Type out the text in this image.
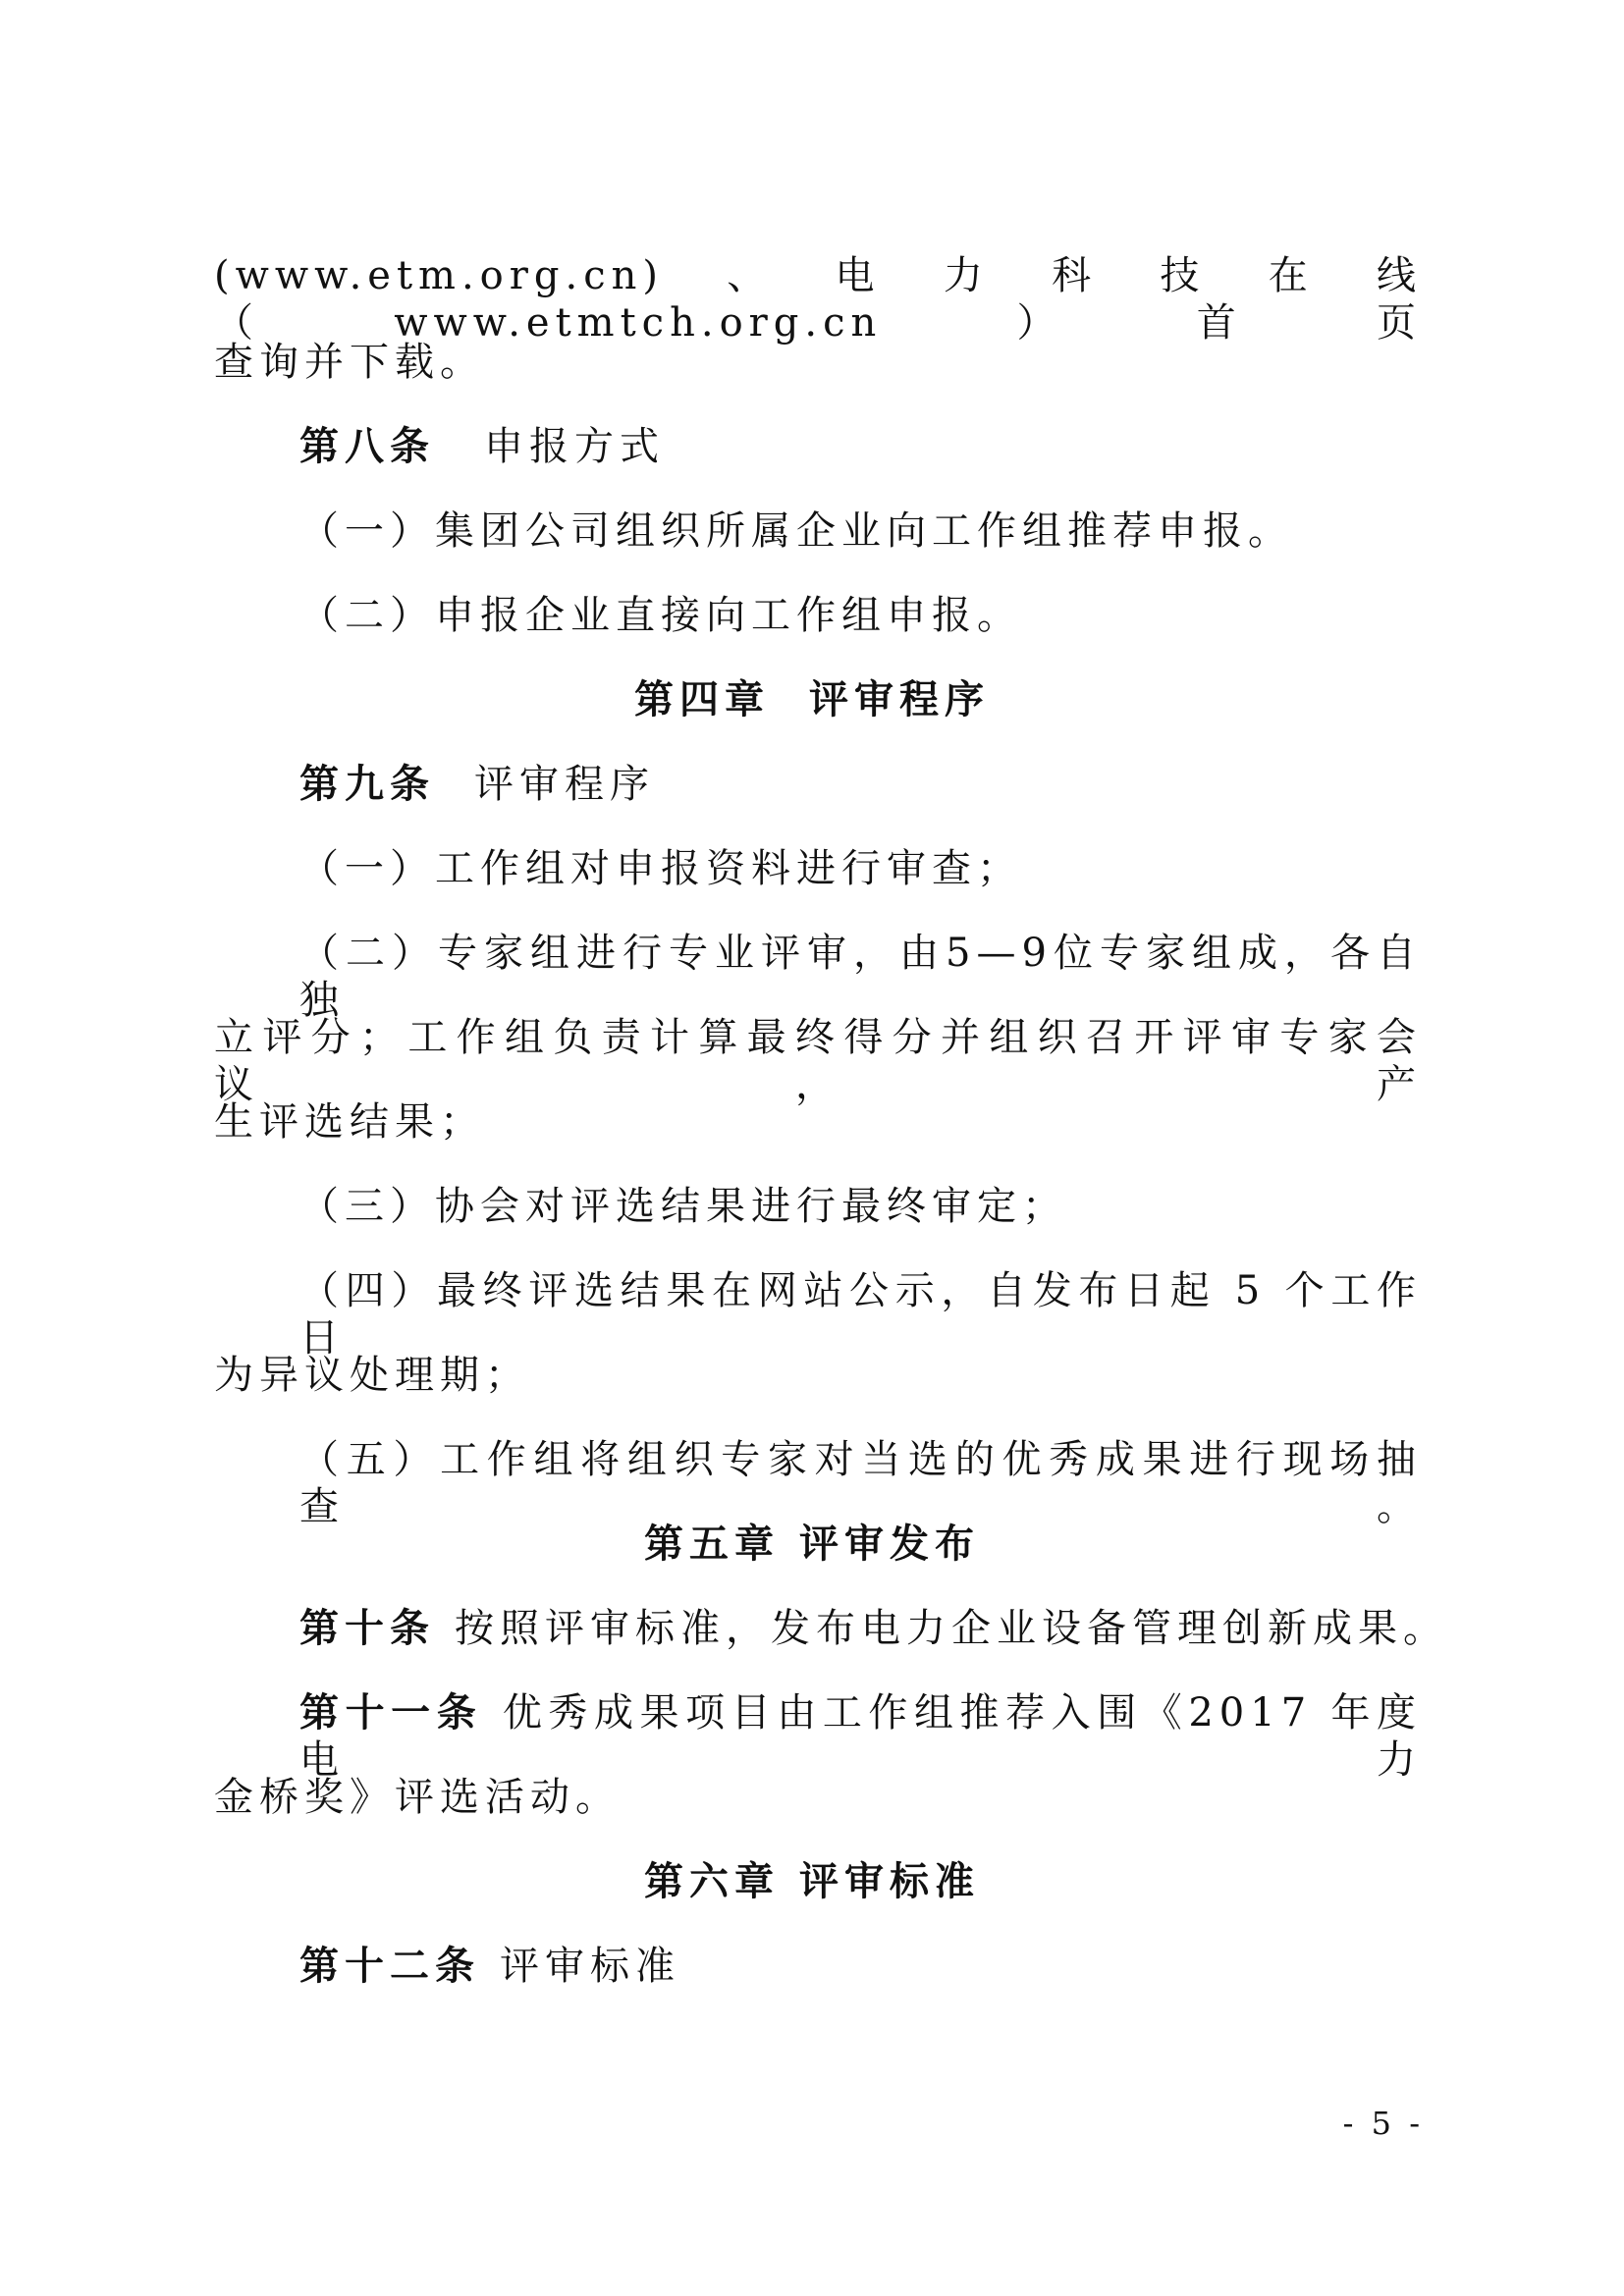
(www.etm.org.cn)、电力科技在线（www.etmtch.org.cn）首页
查询并下载。
第八条 申报方式
（一）集团公司组织所属企业向工作组推荐申报。
（二）申报企业直接向工作组申报。
第四章 评审程序
第九条 评审程序
（一）工作组对申报资料进行审查；
（二）专家组进行专业评审，由5—9位专家组成，各自独
立评分；工作组负责计算最终得分并组织召开评审专家会议，产
生评选结果；
（三）协会对评选结果进行最终审定；
（四）最终评选结果在网站公示，自发布日起 5 个工作日
为异议处理期；
（五）工作组将组织专家对当选的优秀成果进行现场抽查。
第五章 评审发布
第十条 按照评审标准，发布电力企业设备管理创新成果。
第十一条 优秀成果项目由工作组推荐入围《2017 年度电力
金桥奖》评选活动。
第六章 评审标准
第十二条 评审标准
- 5 -
